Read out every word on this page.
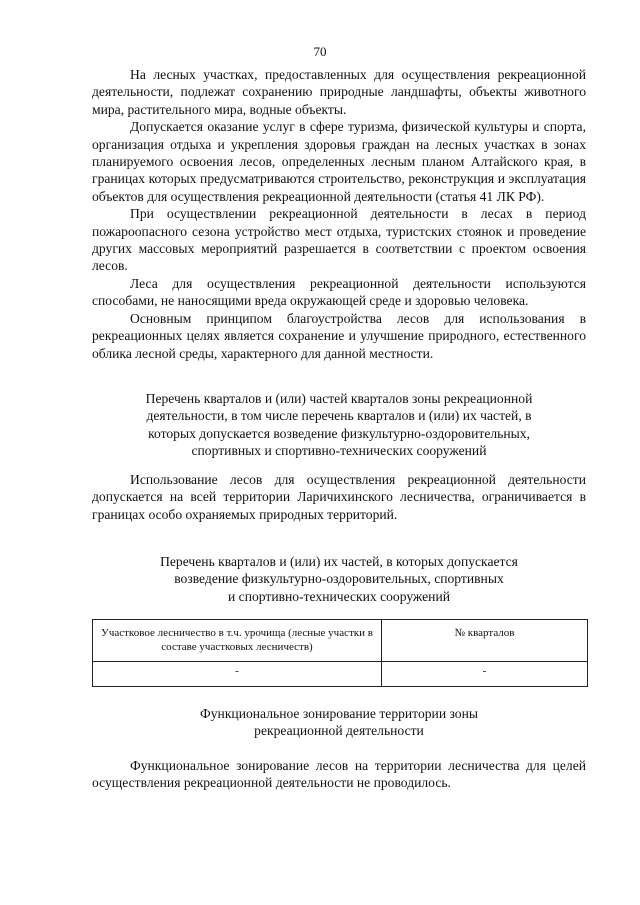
70

На лесных участках, предоставленных для осуществления рекреационной деятельности, подлежат сохранению природные ландшафты, объекты животного мира, растительного мира, водные объекты.

Допускается оказание услуг в сфере туризма, физической культуры и спорта, организация отдыха и укрепления здоровья граждан на лесных участках в зонах планируемого освоения лесов, определенных лесным планом Алтайского края, в границах которых предусматриваются строительство, реконструкция и эксплуатация объектов для осуществления рекреационной деятельности (статья 41 ЛК РФ).

При осуществлении рекреационной деятельности в лесах в период пожароопасного сезона устройство мест отдыха, туристских стоянок и проведение других массовых мероприятий разрешается в соответствии с проектом освоения лесов.

Леса для осуществления рекреационной деятельности используются способами, не наносящими вреда окружающей среде и здоровью человека.

Основным принципом благоустройства лесов для использования в рекреационных целях является сохранение и улучшение природного, естественного облика лесной среды, характерного для данной местности.

Перечень кварталов и (или) частей кварталов зоны рекреационной
деятельности, в том числе перечень кварталов и (или) их частей, в
которых допускается возведение физкультурно-оздоровительных,
спортивных и спортивно-технических сооружений

Использование лесов для осуществления рекреационной деятельности допускается на всей территории Ларичихинского лесничества, ограничивается в границах особо охраняемых природных территорий.

Перечень кварталов и (или) их частей, в которых допускается
возведение физкультурно-оздоровительных, спортивных
и спортивно-технических сооружений
Участковое лесничество в т.ч. урочища (лесные участки в составе участковых лесничеств)	№ кварталов
-	-
Функциональное зонирование территории зоны
рекреационной деятельности

Функциональное зонирование лесов на территории лесничества для целей осуществления рекреационной деятельности не проводилось.
